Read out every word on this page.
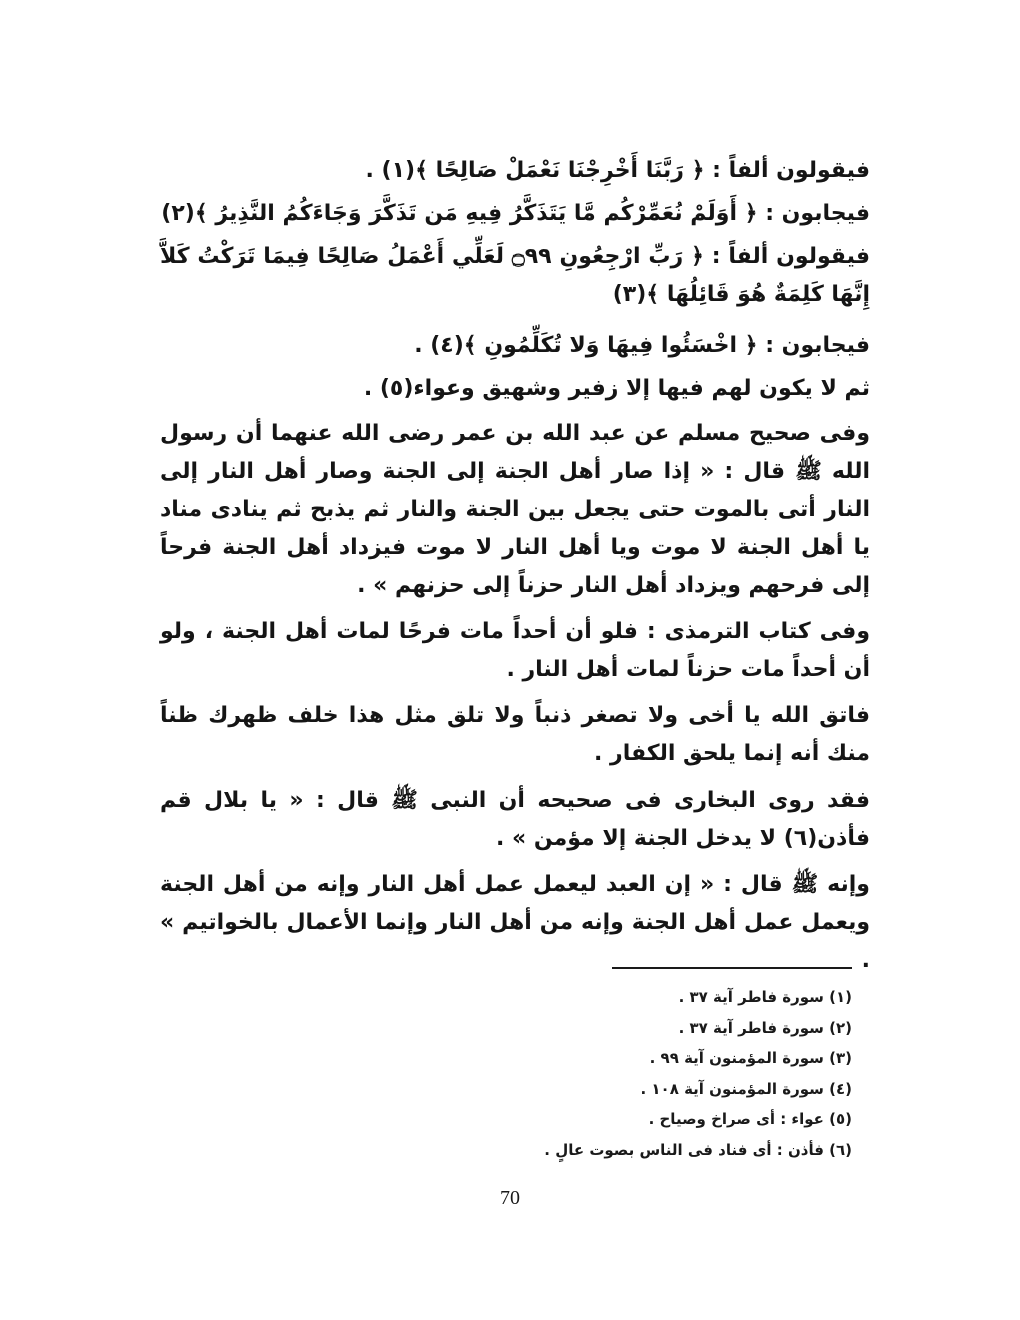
فيقولون ألفاً : ﴿ رَبَّنَا أَخْرِجْنَا نَعْمَلْ صَالِحًا ﴾(١) .

فيجابون : ﴿ أَوَلَمْ نُعَمِّرْكُم مَّا يَتَذَكَّرُ فِيهِ مَن تَذَكَّرَ وَجَاءَكُمُ النَّذِيرُ ﴾(٢)

فيقولون ألفاً : ﴿ رَبِّ ارْجِعُونِ ۝٩٩ لَعَلِّي أَعْمَلُ صَالِحًا فِيمَا تَرَكْتُ كَلاَّ إِنَّهَا كَلِمَةٌ هُوَ قَائِلُهَا ﴾(٣)

فيجابون : ﴿ اخْسَئُوا فِيهَا وَلا تُكَلِّمُونِ ﴾(٤) .

ثم لا يكون لهم فيها إلا زفير وشهيق وعواء(٥) .

وفى صحيح مسلم عن عبد الله بن عمر رضى الله عنهما أن رسول الله ﷺ قال : « إذا صار أهل الجنة إلى الجنة وصار أهل النار إلى النار أتى بالموت حتى يجعل بين الجنة والنار ثم يذبح ثم ينادى مناد يا أهل الجنة لا موت ويا أهل النار لا موت فيزداد أهل الجنة فرحاً إلى فرحهم ويزداد أهل النار حزناً إلى حزنهم » .

وفى كتاب الترمذى : فلو أن أحداً مات فرحًا لمات أهل الجنة ، ولو أن أحداً مات حزناً لمات أهل النار .

فاتق الله يا أخى ولا تصغر ذنباً ولا تلق مثل هذا خلف ظهرك ظناً منك أنه إنما يلحق الكفار .

فقد روى البخارى فى صحيحه أن النبى ﷺ قال : « يا بلال قم فأذن(٦) لا يدخل الجنة إلا مؤمن » .

وإنه ﷺ قال : « إن العبد ليعمل عمل أهل النار وإنه من أهل الجنة ويعمل عمل أهل الجنة وإنه من أهل النار وإنما الأعمال بالخواتيم » .

(١) سورة فاطر آية ٣٧ .

(٢) سورة فاطر آية ٣٧ .

(٣) سورة المؤمنون آية ٩٩ .

(٤) سورة المؤمنون آية ١٠٨ .

(٥) عواء : أى صراخ وصياح .

(٦) فأذن : أى فناد فى الناس بصوت عالٍ .

70
